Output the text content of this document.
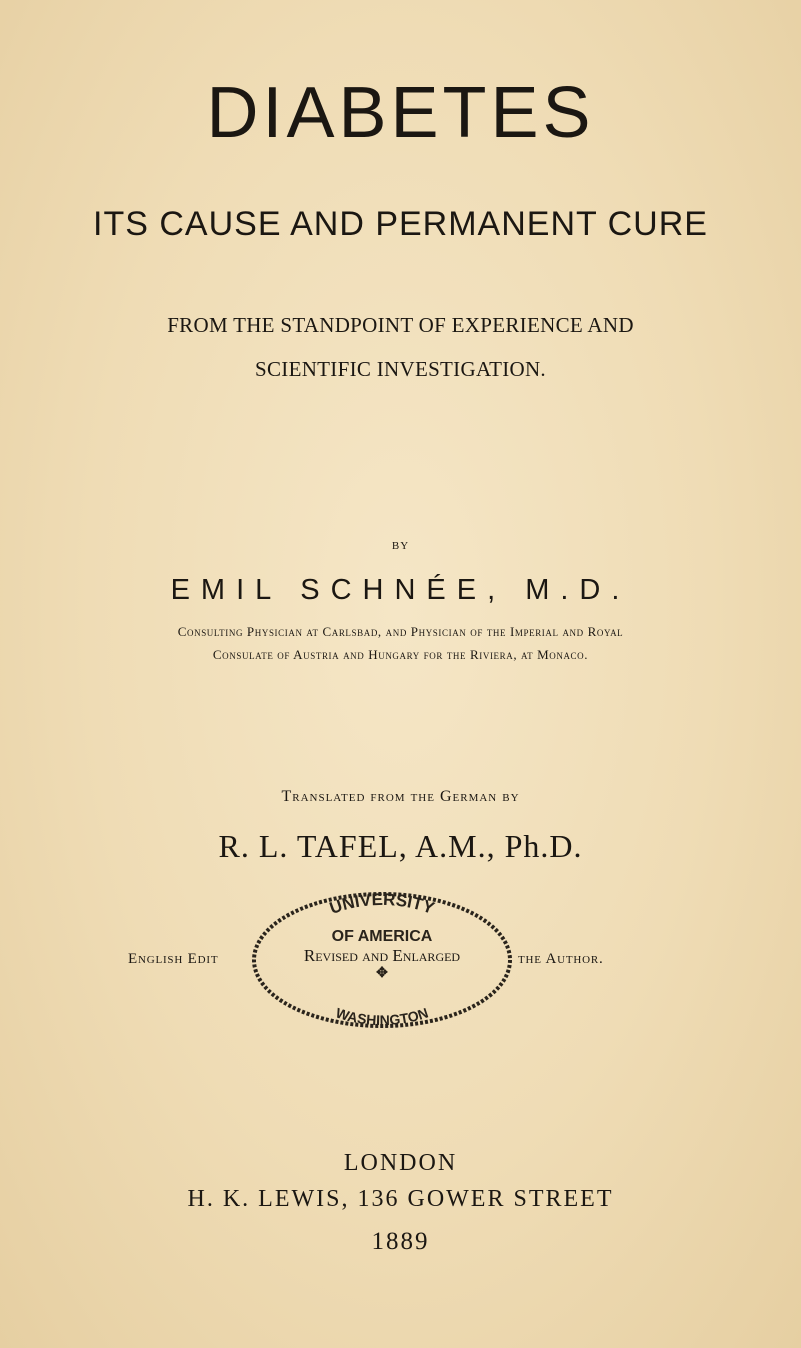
DIABETES
ITS CAUSE AND PERMANENT CURE
FROM THE STANDPOINT OF EXPERIENCE AND
SCIENTIFIC INVESTIGATION.
BY
EMIL SCHNÉE, M.D.
Consulting Physician at Carlsbad, and Physician of the Imperial and Royal
Consulate of Austria and Hungary for the Riviera, at Monaco.
Translated from the German by
R. L. TAFEL, A.M., Ph.D.
English Edit	the Author.
UNIVERSITY
OF AMERICA
WASHINGTON
✥
Revised and Enlarged
LONDON
H. K. LEWIS, 136 GOWER STREET
1889
